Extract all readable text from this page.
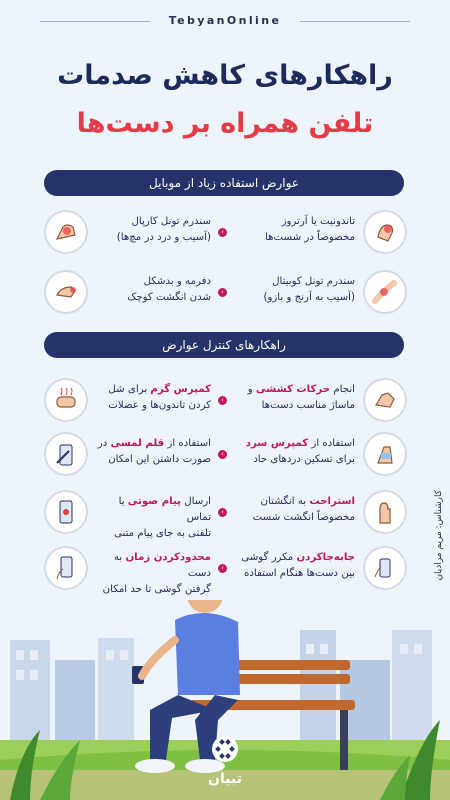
TebyanOnline
راهکارهای کاهش صدمات
تلفن همراه بر دست‌ها
عوارض استفاده زیاد از موبایل
تاندونیت یا آرتروز
مخصوصاً در شست‌ها
سندرم تونل کارپال
(آسیب و درد در مچ‌ها)	‹
سندرم تونل کوبیتال
(آسیب به آرنج و بازو)
دفرمه و بدشکل
شدن انگشت کوچک	‹
راهکارهای کنترل عوارض
انجام حرکات کششی و
ماساژ مناسب دست‌ها
کمپرس گرم برای شل
کردن تاندون‌ها و عضلات	‹
استفاده از کمپرس سرد
برای تسکین دردهای حاد
استفاده از قلم لمسی در
صورت داشتن این امکان	‹
استراحت به انگشتان
مخصوصاً انگشت شست
ارسال پیام صوتی یا تماس
تلفنی به جای پیام متنی
‹
جابه‌جاکردن مکرر گوشی
بین دست‌ها هنگام استفاده
محدودکردن زمان به دست
گرفتن گوشی تا حد امکان
‹	کارشناس: مریم مرادیان
تبیان
